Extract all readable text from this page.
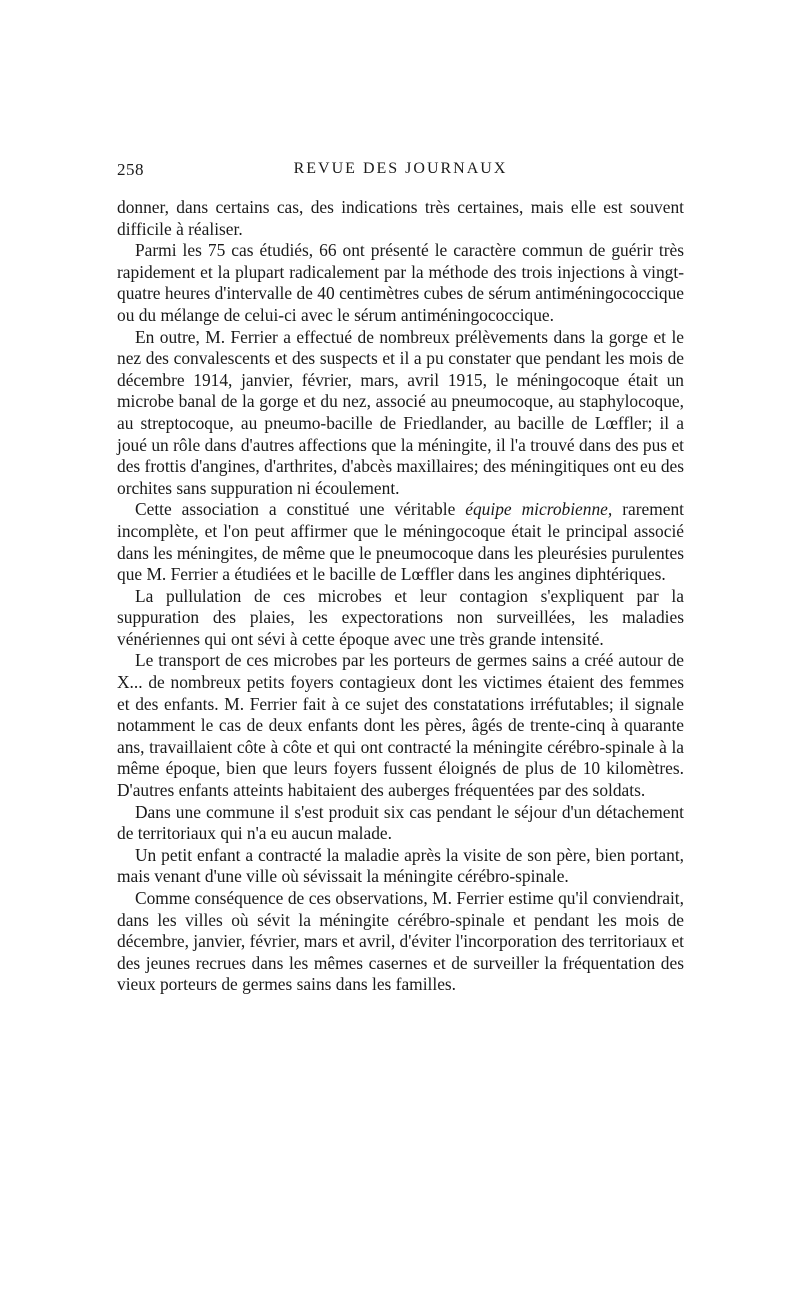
258	REVUE DES JOURNAUX

donner, dans certains cas, des indications très certaines, mais elle est souvent difficile à réaliser.

Parmi les 75 cas étudiés, 66 ont présenté le caractère commun de guérir très rapidement et la plupart radicalement par la méthode des trois injections à vingt-quatre heures d'intervalle de 40 centimètres cubes de sérum antiméningococcique ou du mélange de celui-ci avec le sérum antiméningococcique.

En outre, M. Ferrier a effectué de nombreux prélèvements dans la gorge et le nez des convalescents et des suspects et il a pu constater que pendant les mois de décembre 1914, janvier, février, mars, avril 1915, le méningocoque était un microbe banal de la gorge et du nez, associé au pneumocoque, au staphylocoque, au streptocoque, au pneumo-bacille de Friedlander, au bacille de Lœffler; il a joué un rôle dans d'autres affections que la méningite, il l'a trouvé dans des pus et des frottis d'angines, d'arthrites, d'abcès maxillaires; des méningitiques ont eu des orchites sans suppuration ni écoulement.

Cette association a constitué une véritable équipe microbienne, rarement incomplète, et l'on peut affirmer que le méningocoque était le principal associé dans les méningites, de même que le pneumocoque dans les pleurésies purulentes que M. Ferrier a étudiées et le bacille de Lœffler dans les angines diphtériques.

La pullulation de ces microbes et leur contagion s'expliquent par la suppuration des plaies, les expectorations non surveillées, les maladies vénériennes qui ont sévi à cette époque avec une très grande intensité.

Le transport de ces microbes par les porteurs de germes sains a créé autour de X... de nombreux petits foyers contagieux dont les victimes étaient des femmes et des enfants. M. Ferrier fait à ce sujet des constatations irréfutables; il signale notamment le cas de deux enfants dont les pères, âgés de trente-cinq à quarante ans, travaillaient côte à côte et qui ont contracté la méningite cérébro-spinale à la même époque, bien que leurs foyers fussent éloignés de plus de 10 kilomètres. D'autres enfants atteints habitaient des auberges fréquentées par des soldats.

Dans une commune il s'est produit six cas pendant le séjour d'un détachement de territoriaux qui n'a eu aucun malade.

Un petit enfant a contracté la maladie après la visite de son père, bien portant, mais venant d'une ville où sévissait la méningite cérébro-spinale.

Comme conséquence de ces observations, M. Ferrier estime qu'il conviendrait, dans les villes où sévit la méningite cérébro-spinale et pendant les mois de décembre, janvier, février, mars et avril, d'éviter l'incorporation des territoriaux et des jeunes recrues dans les mêmes casernes et de surveiller la fréquentation des vieux porteurs de germes sains dans les familles.
